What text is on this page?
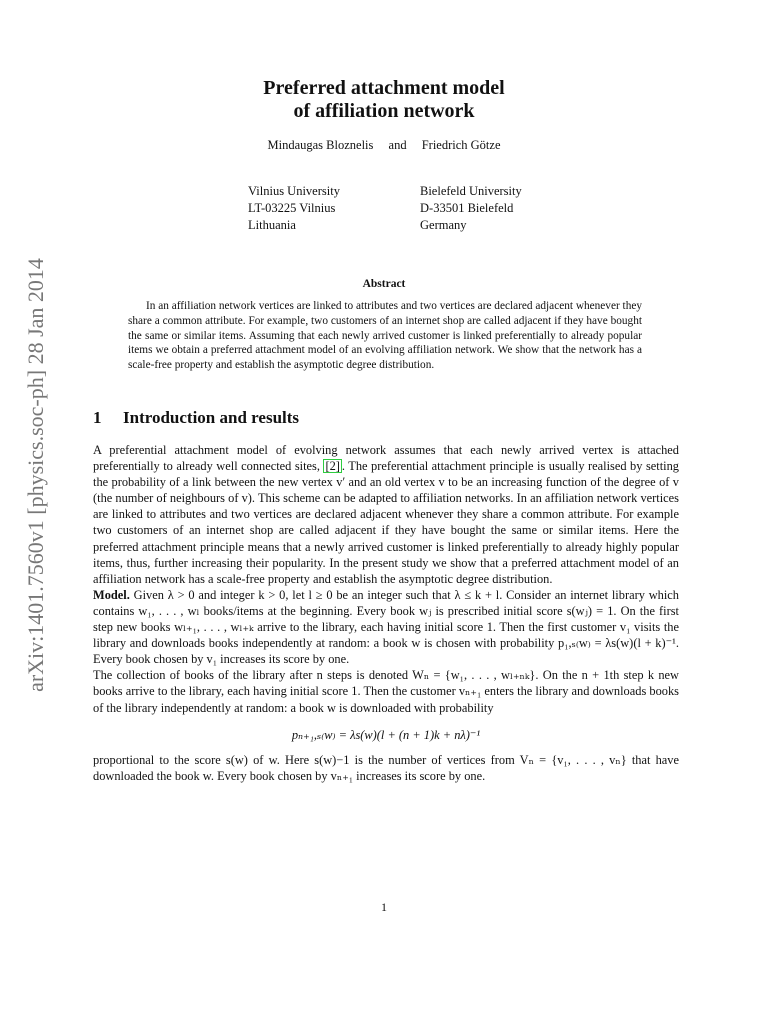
arXiv:1401.7560v1 [physics.soc-ph] 28 Jan 2014
Preferred attachment model
of affiliation network
Mindaugas Bloznelis and Friedrich Götze
Vilnius University
LT-03225 Vilnius
Lithuania
Bielefeld University
D-33501 Bielefeld
Germany
Abstract

In an affiliation network vertices are linked to attributes and two vertices are declared adjacent whenever they share a common attribute. For example, two customers of an internet shop are called adjacent if they have bought the same or similar items. Assuming that each newly arrived customer is linked preferentially to already popular items we obtain a preferred attachment model of an evolving affiliation network. We show that the network has a scale-free property and establish the asymptotic degree distribution.

1 Introduction and results

A preferential attachment model of evolving network assumes that each newly arrived vertex is attached preferentially to already well connected sites, [2] . The preferential attachment principle is usually realised by setting the probability of a link between the new vertex v′ and an old vertex v to be an increasing function of the degree of v (the number of neighbours of v). This scheme can be adapted to affiliation networks. In an affiliation network vertices are linked to attributes and two vertices are declared adjacent whenever they share a common attribute. For example two customers of an internet shop are called adjacent if they have bought the same or similar items. Here the preferred attachment principle means that a newly arrived customer is linked preferentially to already highly popular items, thus, further increasing their popularity. In the present study we show that a preferred attachment model of an affiliation network has a scale-free property and establish the asymptotic degree distribution.

Model. Given λ > 0 and integer k > 0, let l ≥ 0 be an integer such that λ ≤ k + l. Consider an internet library which contains w₁, . . . , wₗ books/items at the beginning. Every book wⱼ is prescribed initial score s(wⱼ) = 1. On the first step new books wₗ₊₁, . . . , wₗ₊ₖ arrive to the library, each having initial score 1. Then the first customer v₁ visits the library and downloads books independently at random: a book w is chosen with probability p₁,ₛ₍w₎ = λs(w)(l + k)⁻¹. Every book chosen by v₁ increases its score by one.

The collection of books of the library after n steps is denoted Wₙ = {w₁, . . . , wₗ₊ₙₖ}. On the n + 1th step k new books arrive to the library, each having initial score 1. Then the customer vₙ₊₁ enters the library and downloads books of the library independently at random: a book w is downloaded with probability

pₙ₊₁,ₛ₍w₎ = λs(w)(l + (n + 1)k + nλ)⁻¹

proportional to the score s(w) of w. Here s(w)−1 is the number of vertices from Vₙ = {v₁, . . . , vₙ} that have downloaded the book w. Every book chosen by vₙ₊₁ increases its score by one.

1
